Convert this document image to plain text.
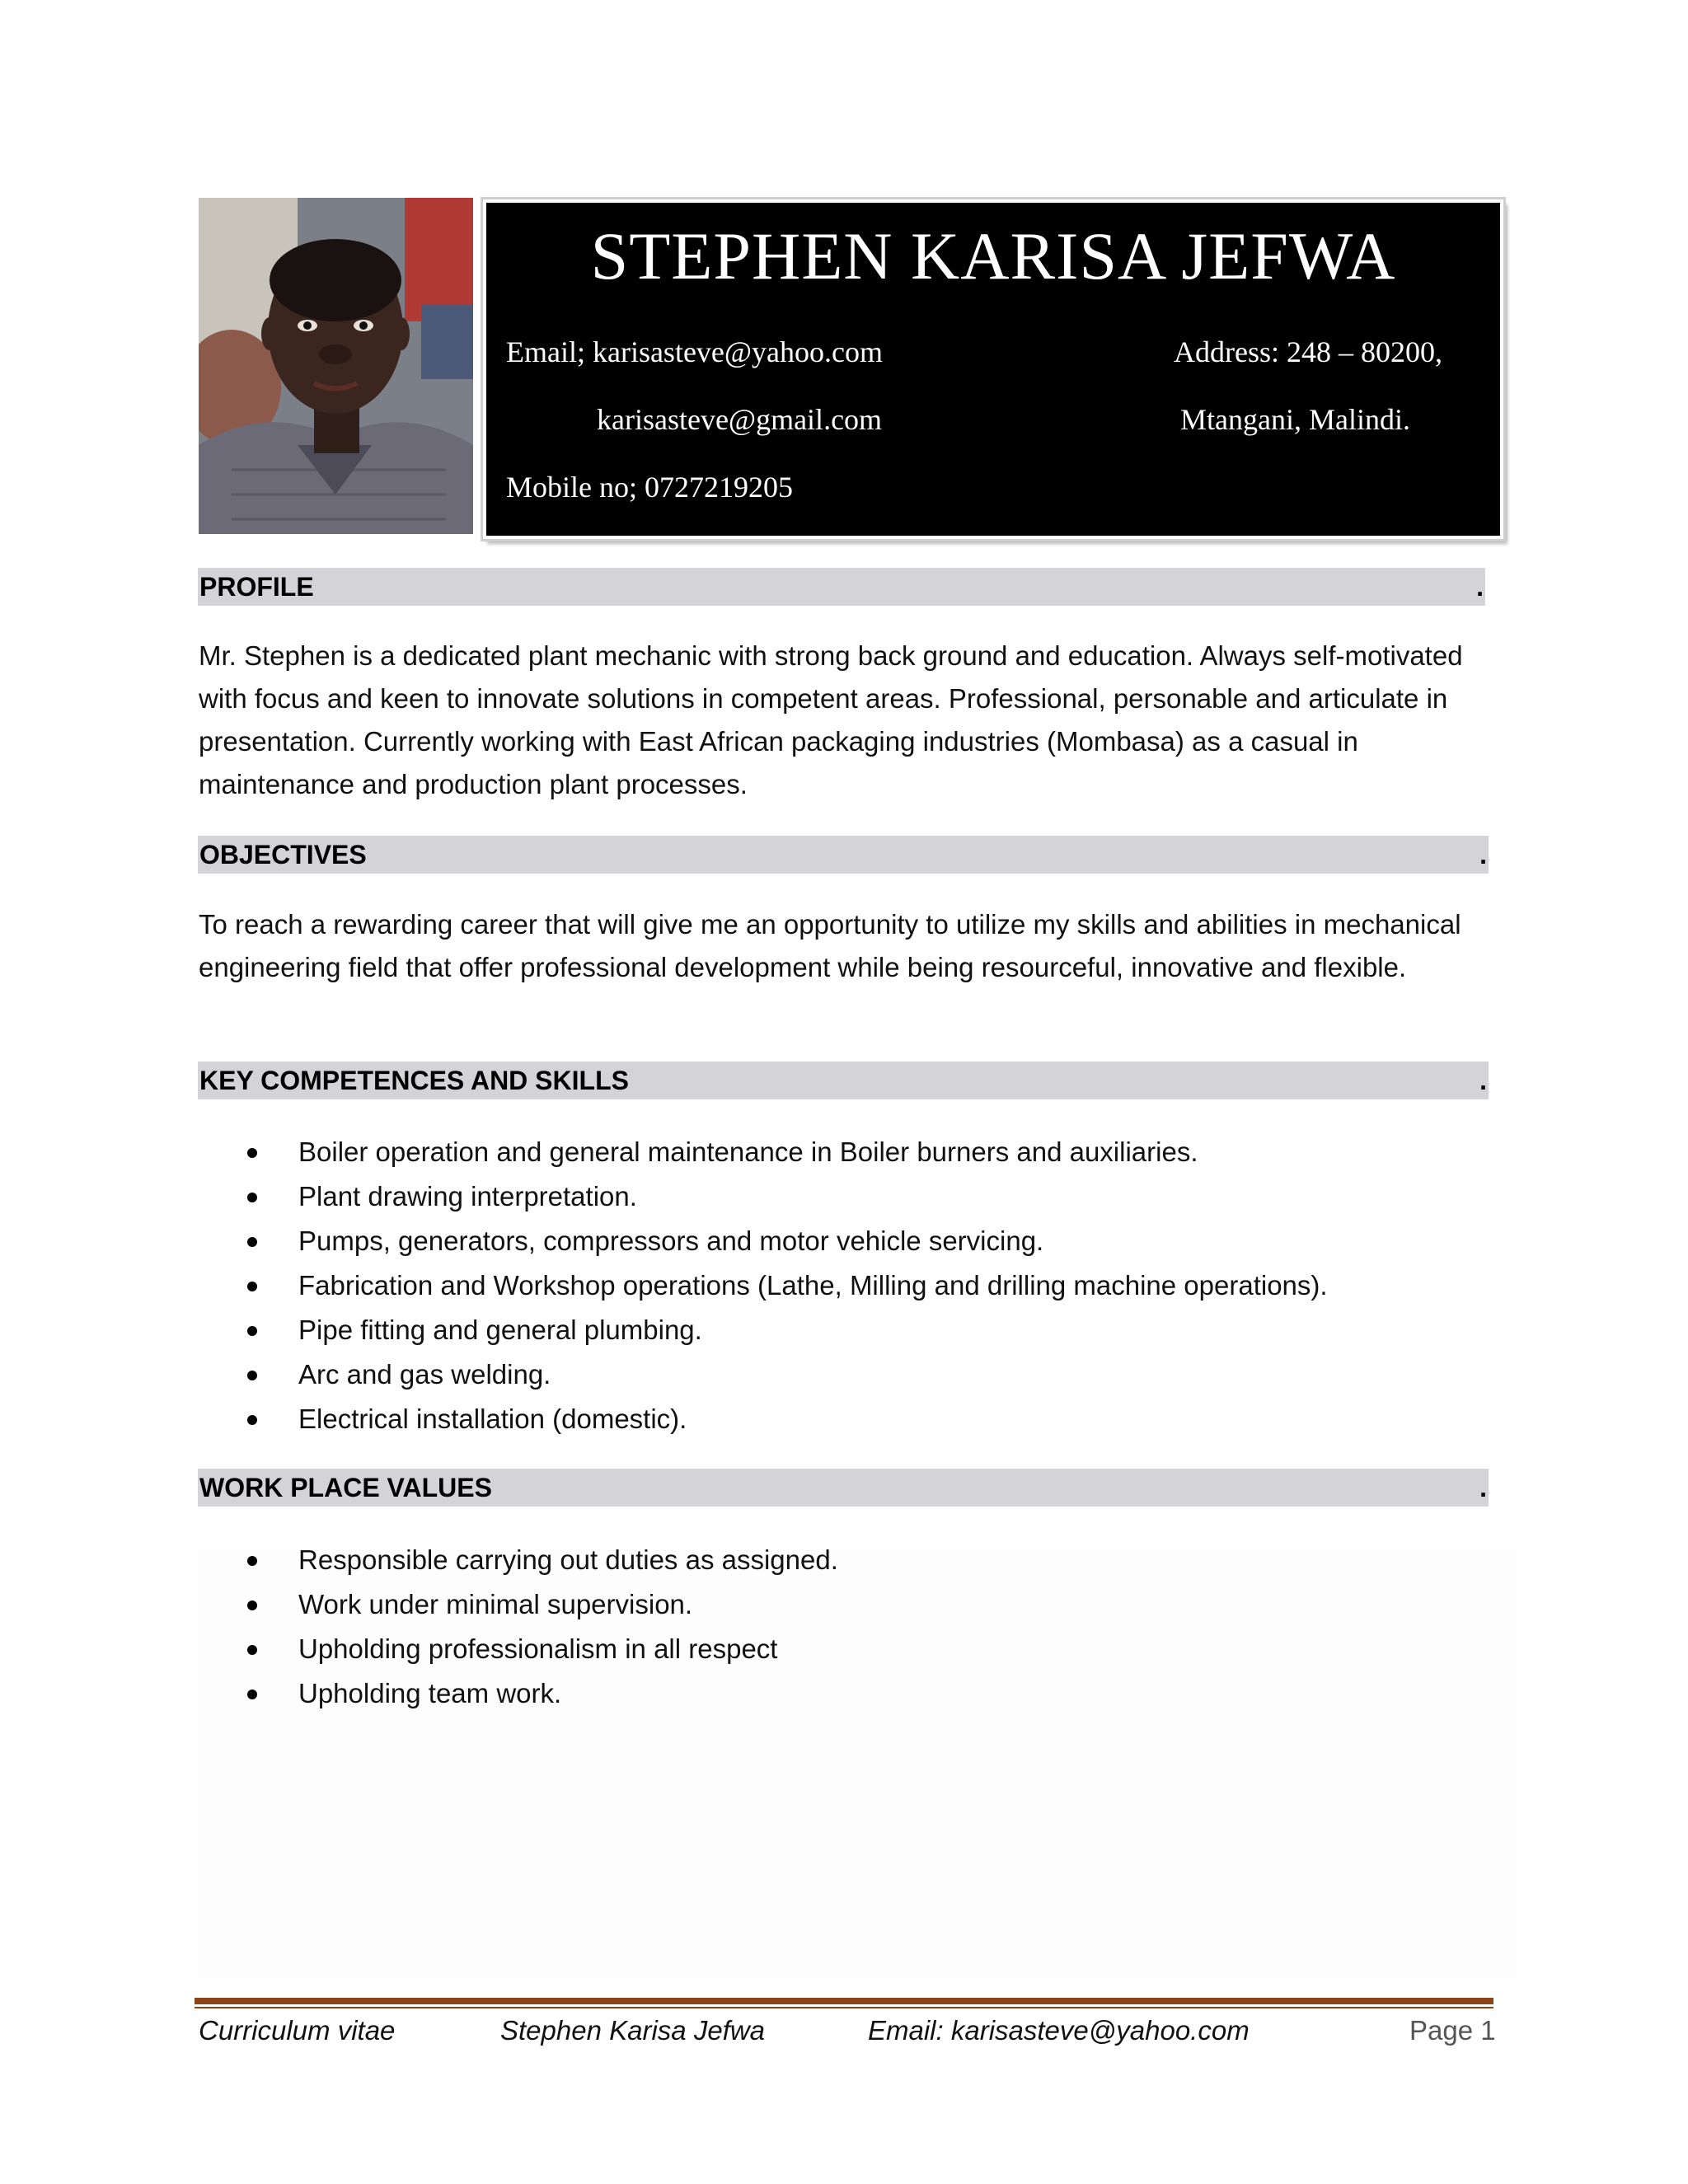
STEPHEN KARISA JEFWA
Email; karisasteve@yahoo.com
karisasteve@gmail.com
Mobile no; 0727219205
Address: 248 – 80200,
Mtangani, Malindi.
PROFILE	.
Mr. Stephen is a dedicated plant mechanic with strong back ground and education. Always self-motivated with focus and keen to innovate solutions in competent areas. Professional, personable and articulate in presentation. Currently working with East African packaging industries (Mombasa) as a casual in maintenance and production plant processes.
OBJECTIVES	.
To reach a rewarding career that will give me an opportunity to utilize my skills and abilities in mechanical engineering field that offer professional development while being resourceful, innovative and flexible.
KEY COMPETENCES AND SKILLS	.
Boiler operation and general maintenance in Boiler burners and auxiliaries.
Plant drawing interpretation.
Pumps, generators, compressors and motor vehicle servicing.
Fabrication and Workshop operations (Lathe, Milling and drilling machine operations).
Pipe fitting and general plumbing.
Arc and gas welding.
Electrical installation (domestic).
WORK PLACE VALUES	.
Responsible carrying out duties as assigned.
Work under minimal supervision.
Upholding professionalism in all respect
Upholding team work.
Curriculum vitae	Stephen Karisa Jefwa	Email: karisasteve@yahoo.com	Page 1
